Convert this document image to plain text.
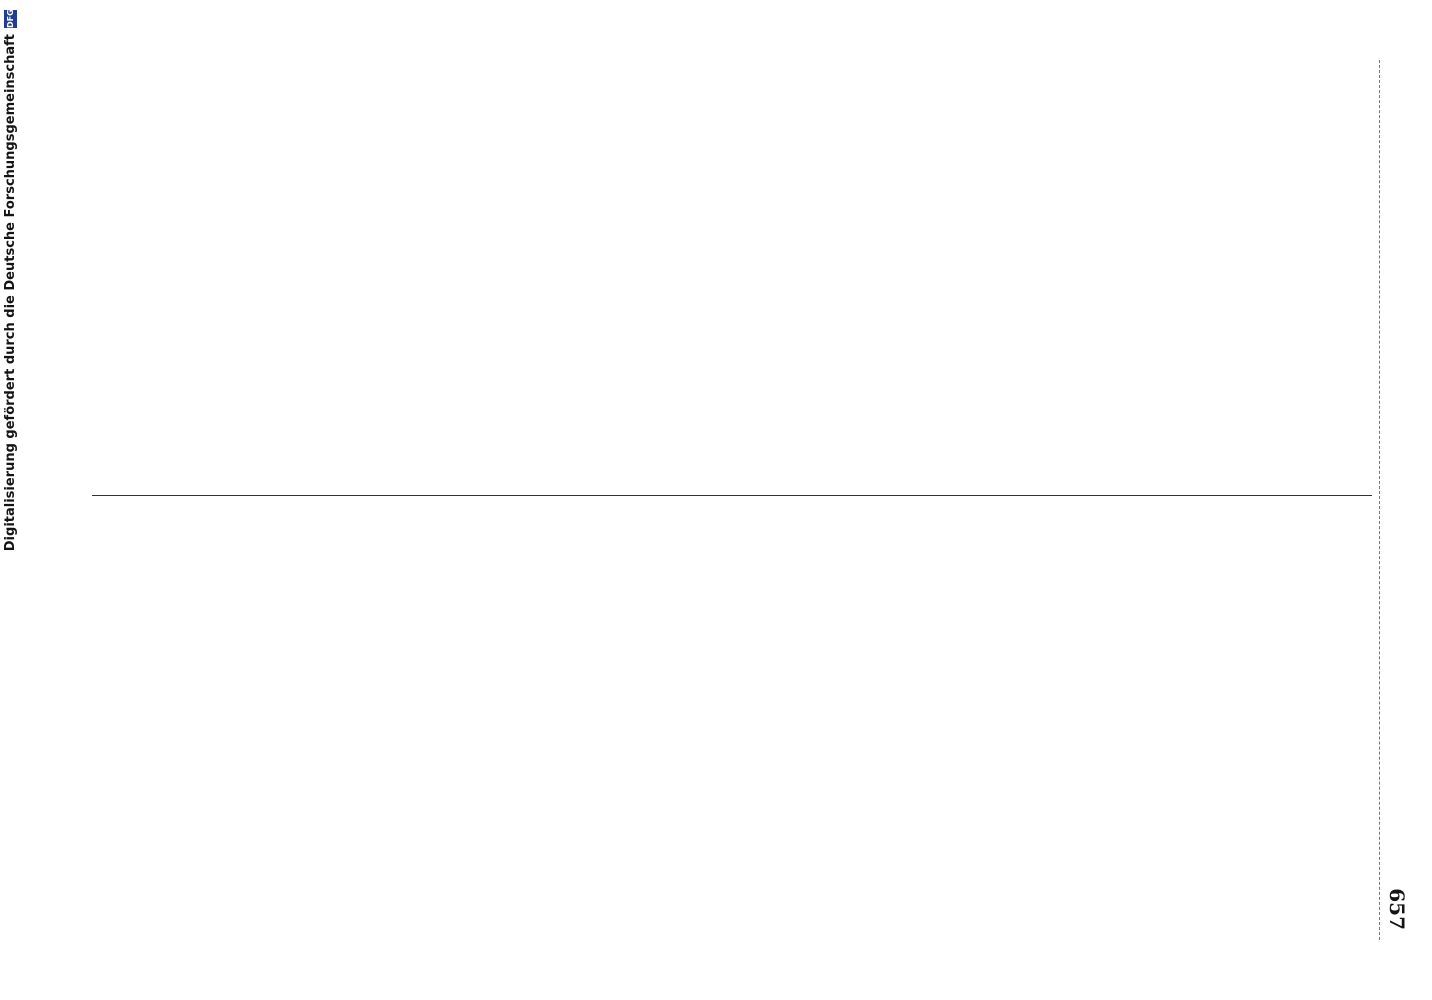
657
Digitalisierung gefördert durch die Deutsche Forschungsgemeinschaft
DFG
